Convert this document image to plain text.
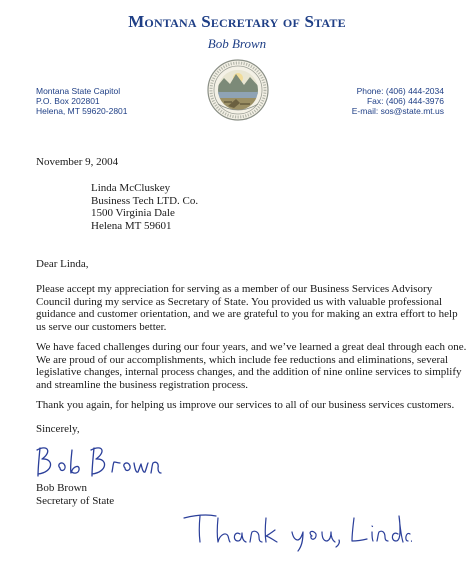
Montana Secretary of State
Bob Brown
Montana State Capitol
P.O. Box 202801
Helena, MT 59620-2801
Phone: (406) 444-2034
Fax: (406) 444-3976
E-mail: sos@state.mt.us
November 9, 2004
Linda McCluskey
Business Tech LTD. Co.
1500 Virginia Dale
Helena MT 59601
Dear Linda,
Please accept my appreciation for serving as a member of our Business Services Advisory
Council during my service as Secretary of State. You provided us with valuable professional
guidance and customer orientation, and we are grateful to you for making an extra effort to help
us serve our customers better.
We have faced challenges during our four years, and we’ve learned a great deal through each one.
We are proud of our accomplishments, which include fee reductions and eliminations, several
legislative changes, internal process changes, and the addition of nine online services to simplify
and streamline the business registration process.
Thank you again, for helping us improve our services to all of our business services customers.
Sincerely,
Bob Brown
Secretary of State
